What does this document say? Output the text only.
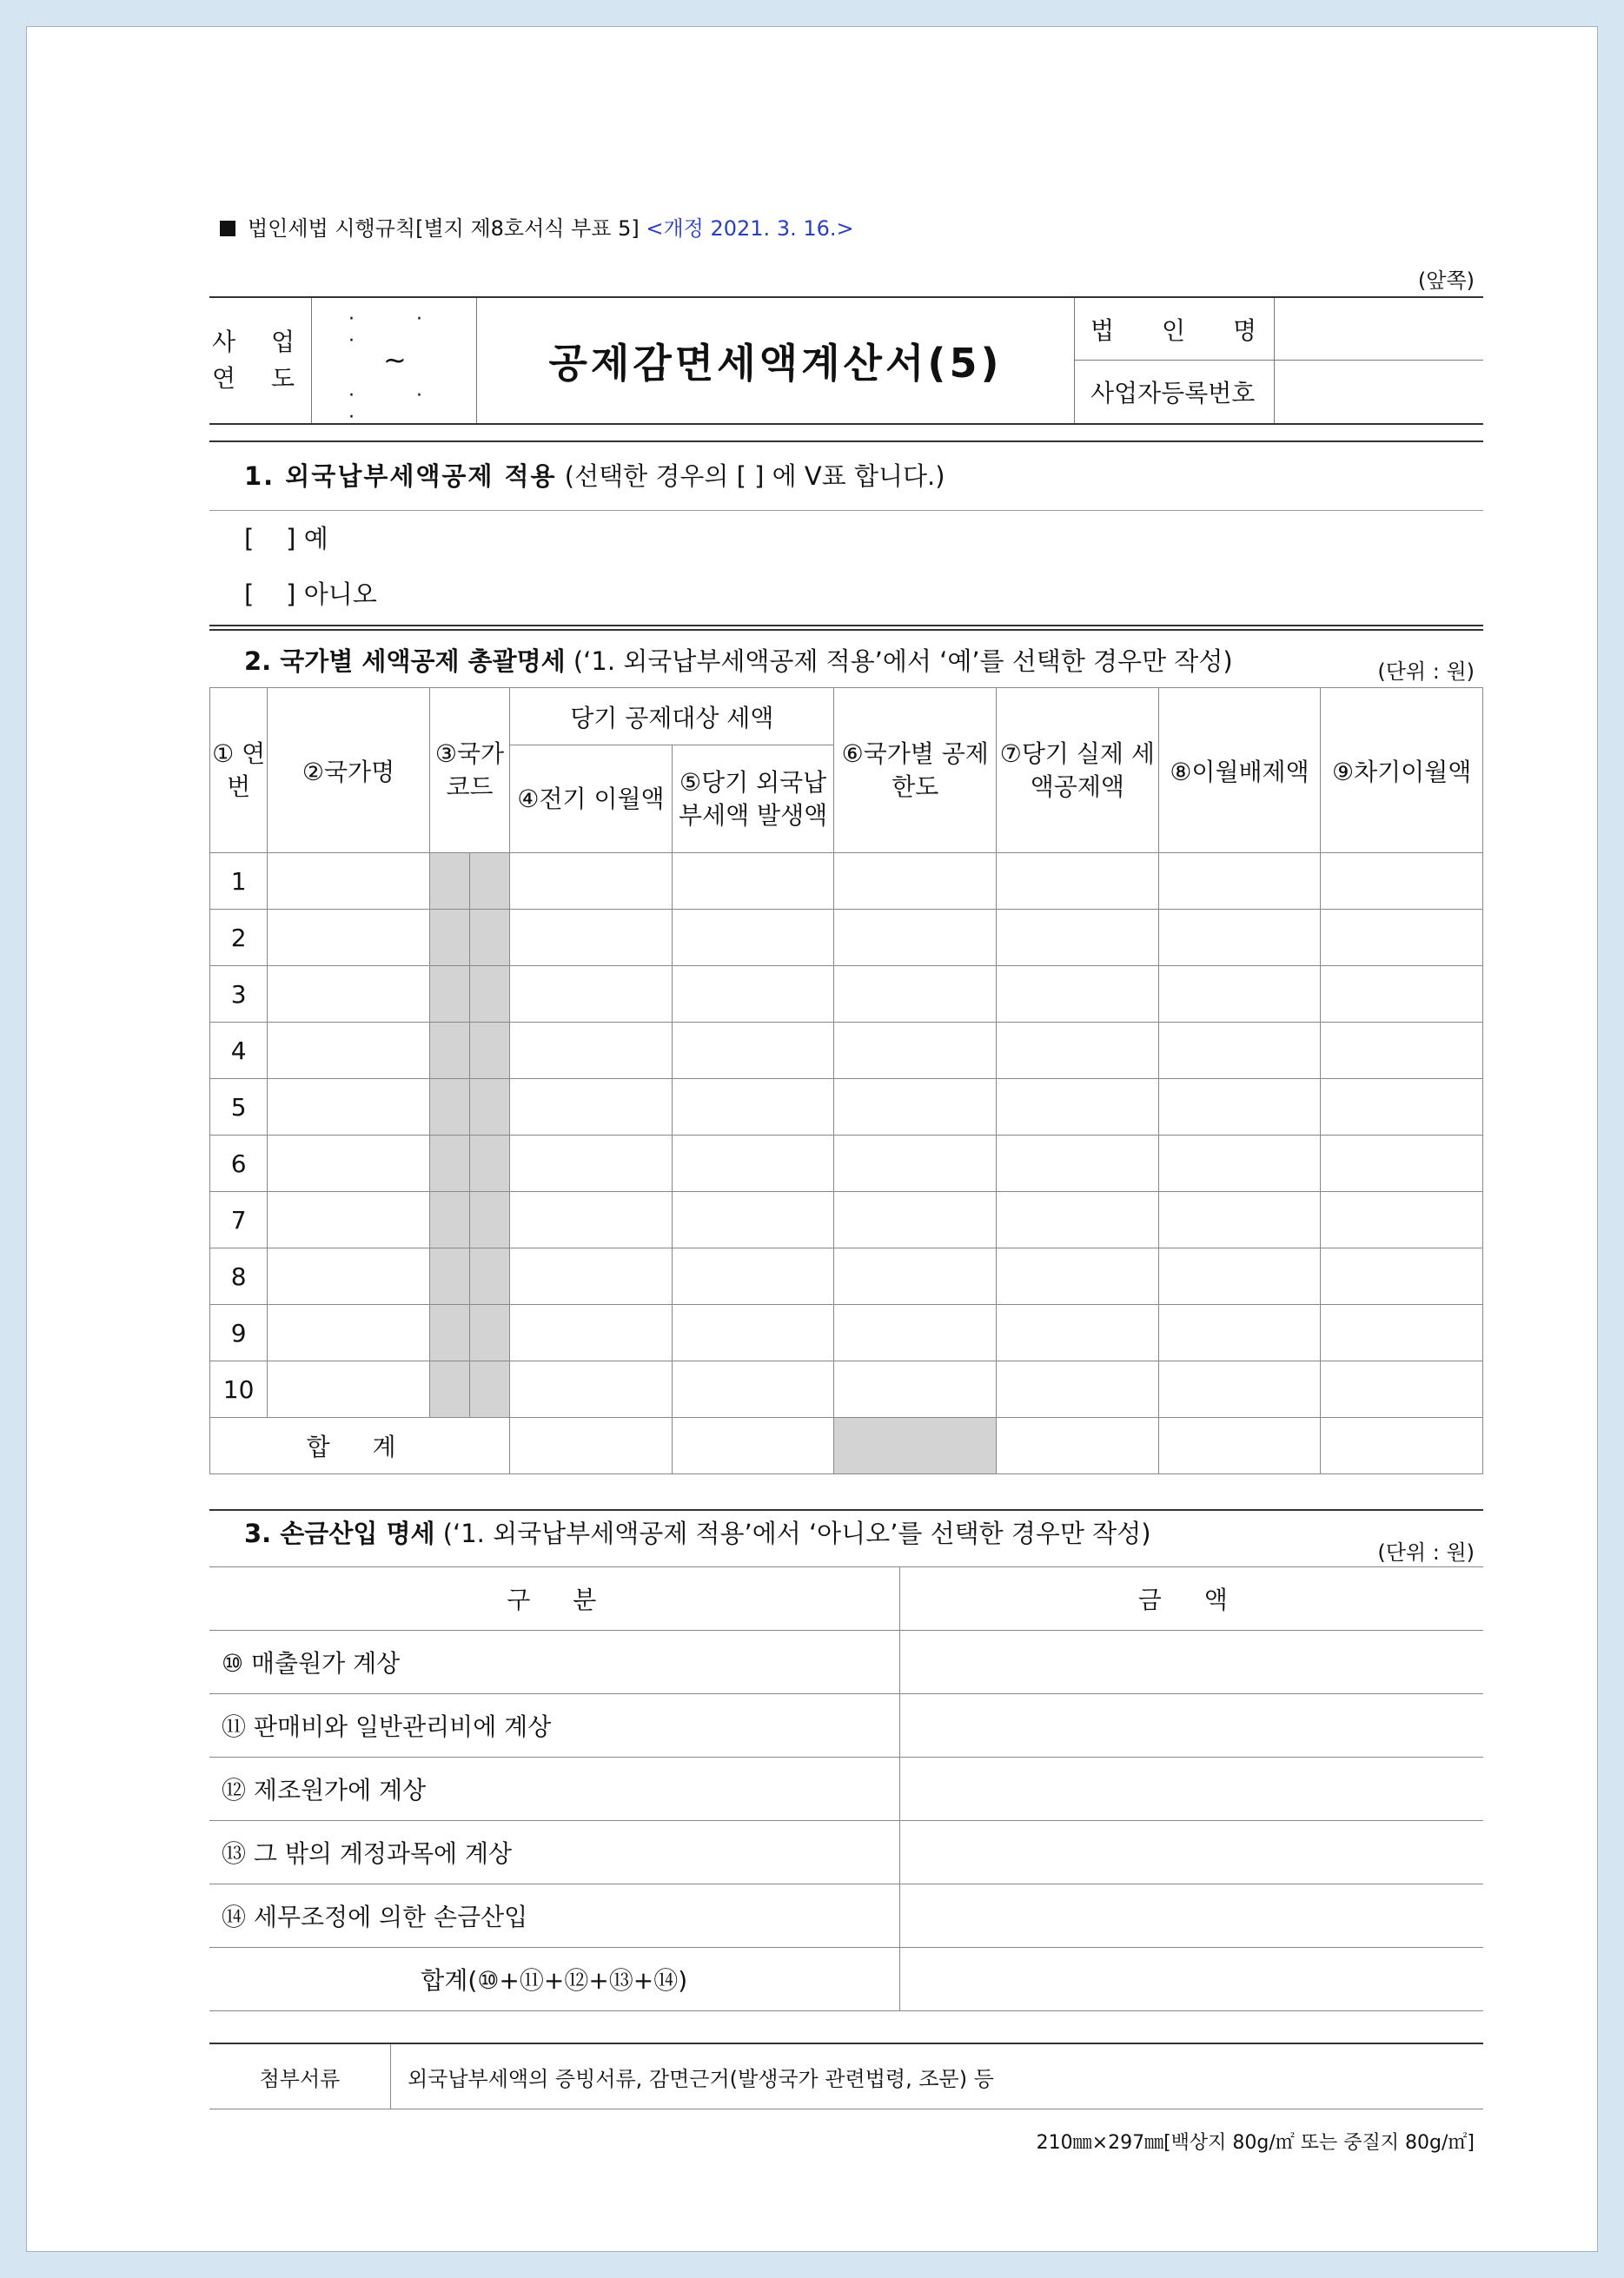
법인세법 시행규칙[별지 제8호서식 부표 5] <개정 2021. 3. 16.>
(앞쪽)
사 업
연 도
· · ·
~
· · ·
공제감면세액계산서(5)
법 인 명
사업자등록번호
1. 외국납부세액공제 적용 (선택한 경우의 [ ] 에 V표 합니다.)
[    ] 예
[    ] 아니오
2. 국가별 세액공제 총괄명세 (‘1. 외국납부세액공제 적용’에서 ‘예’를 선택한 경우만 작성)	(단위 : 원)
① 연 번	②국가명	③국가 코드		당기 공제대상 세액		⑥국가별 공제한도	⑦당기 실제 세액공제액	⑧이월배제액	⑨차기이월액
				④전기 이월액	⑤당기 외국납부세액 발생액				
1									
2									
3									
4									
5									
6									
7									
8									
9									
10									
합 계									
3. 손금산입 명세 (‘1. 외국납부세액공제 적용’에서 ‘아니오’를 선택한 경우만 작성)
(단위 : 원)
구 분	금 액
⑩ 매출원가 계상	
⑪ 판매비와 일반관리비에 계상	
⑫ 제조원가에 계상	
⑬ 그 밖의 계정과목에 계상	
⑭ 세무조정에 의한 손금산입	
합계(⑩+⑪+⑫+⑬+⑭)	
첨부서류	외국납부세액의 증빙서류, 감면근거(발생국가 관련법령, 조문) 등
210㎜×297㎜[백상지 80g/㎡ 또는 중질지 80g/㎡]
